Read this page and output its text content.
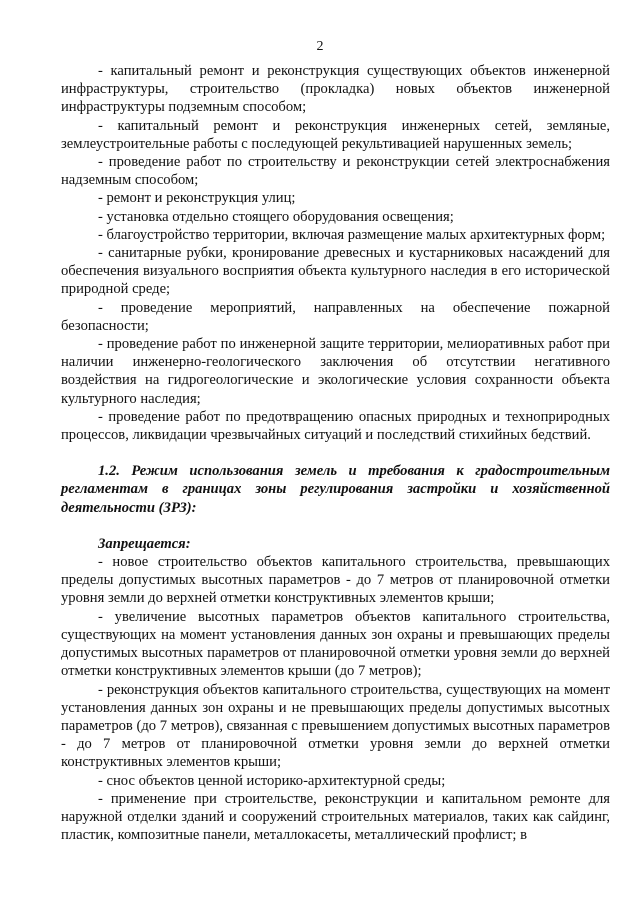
2

- капитальный ремонт и реконструкция существующих объектов инженерной инфраструктуры, строительство (прокладка) новых объектов инженерной инфраструктуры подземным способом;

- капитальный ремонт и реконструкция инженерных сетей, земляные, землеустроительные работы с последующей рекультивацией нарушенных земель;

- проведение работ по строительству и реконструкции сетей электроснабжения надземным способом;

- ремонт и реконструкция улиц;

- установка отдельно стоящего оборудования освещения;

- благоустройство территории, включая размещение малых архитектурных форм;

- санитарные рубки, кронирование древесных и кустарниковых насаждений для обеспечения визуального восприятия объекта культурного наследия в его исторической природной среде;

- проведение мероприятий, направленных на обеспечение пожарной безопасности;

- проведение работ по инженерной защите территории, мелиоративных работ при наличии инженерно-геологического заключения об отсутствии негативного воздействия на гидрогеологические и экологические условия сохранности объекта культурного наследия;

- проведение работ по предотвращению опасных природных и техноприродных процессов, ликвидации чрезвычайных ситуаций и последствий стихийных бедствий.

1.2. Режим использования земель и требования к градостроительным регламентам в границах зоны регулирования застройки и хозяйственной деятельности (ЗРЗ):

Запрещается:

- новое строительство объектов капитального строительства, превышающих пределы допустимых высотных параметров - до 7 метров от планировочной отметки уровня земли до верхней отметки конструктивных элементов крыши;

- увеличение высотных параметров объектов капитального строительства, существующих на момент установления данных зон охраны и превышающих пределы допустимых высотных параметров от планировочной отметки уровня земли до верхней отметки конструктивных элементов крыши (до 7 метров);

- реконструкция объектов капитального строительства, существующих на момент установления данных зон охраны и не превышающих пределы допустимых высотных параметров (до 7 метров), связанная с превышением допустимых высотных параметров - до 7 метров от планировочной отметки уровня земли до верхней отметки конструктивных элементов крыши;

- снос объектов ценной историко-архитектурной среды;

- применение при строительстве, реконструкции и капитальном ремонте для наружной отделки зданий и сооружений строительных материалов, таких как сайдинг, пластик, композитные панели, металлокасеты, металлический профлист; в
